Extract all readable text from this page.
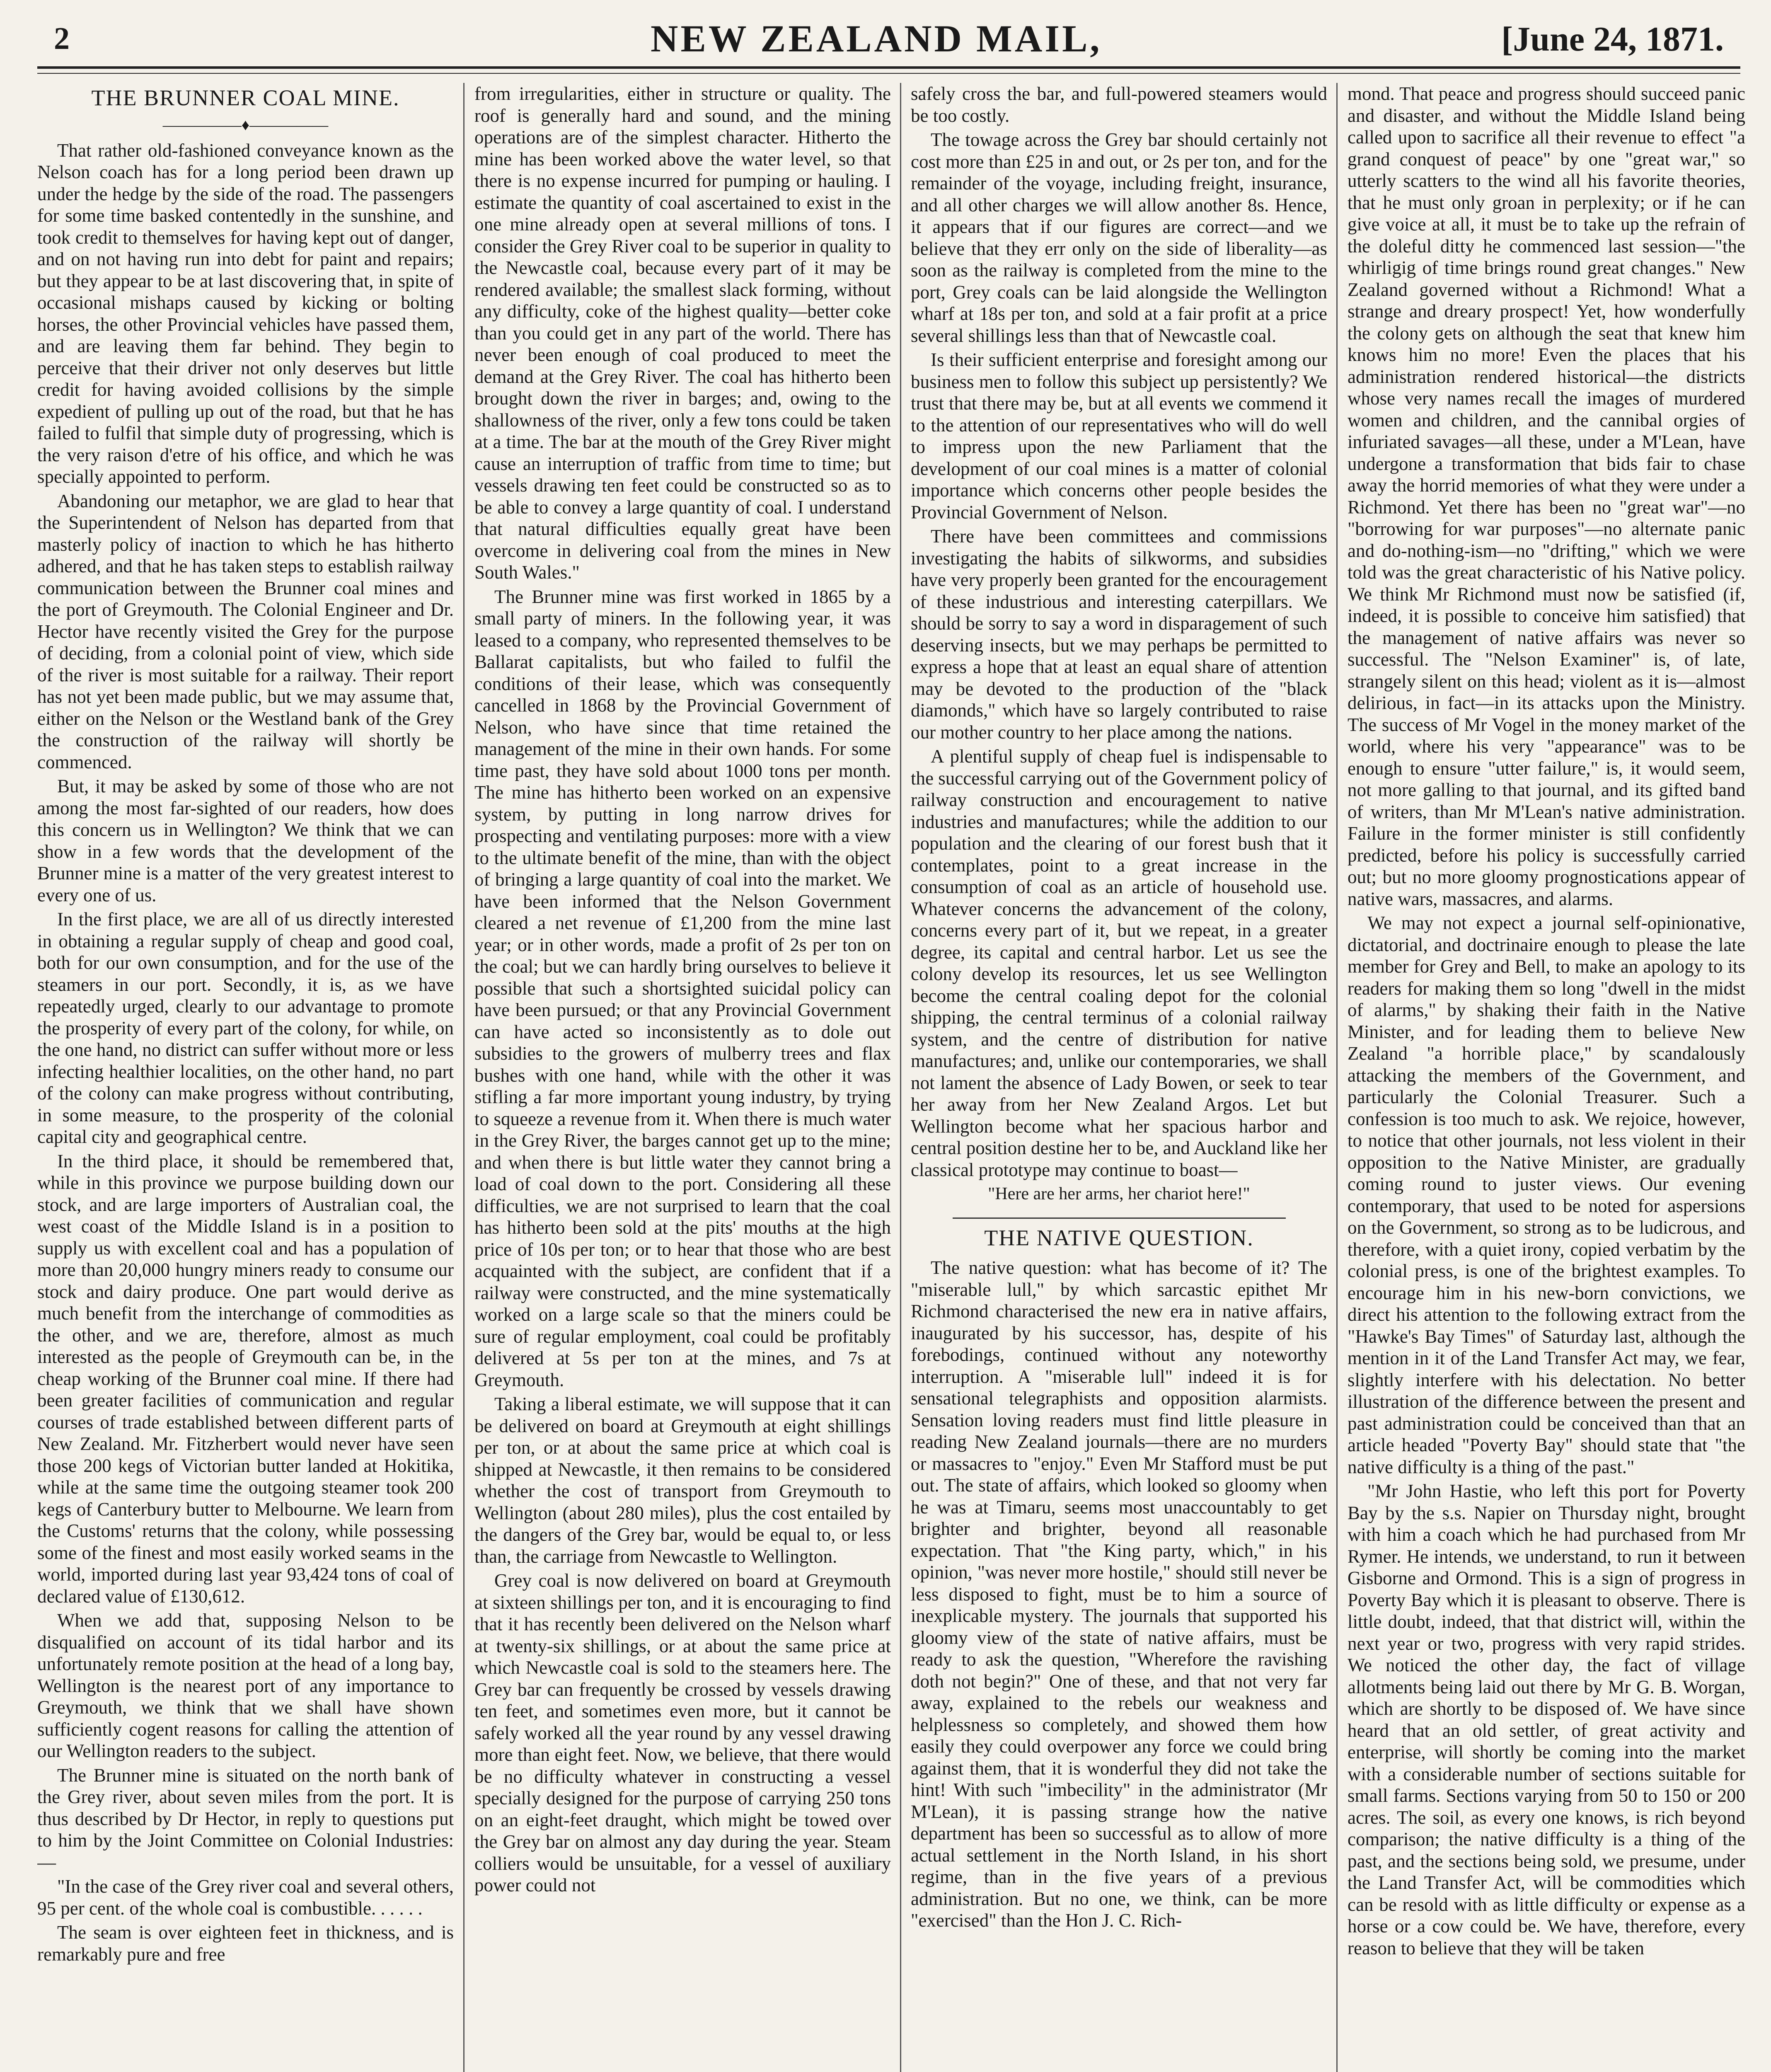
2	NEW ZEALAND MAIL,	[June 24, 1871.
THE BRUNNER COAL MINE.
―――――♦―――――

That rather old-fashioned conveyance known as the Nelson coach has for a long period been drawn up under the hedge by the side of the road. The passengers for some time basked contentedly in the sunshine, and took credit to themselves for having kept out of danger, and on not having run into debt for paint and repairs; but they appear to be at last discovering that, in spite of occasional mishaps caused by kicking or bolting horses, the other Provincial vehicles have passed them, and are leaving them far behind. They begin to perceive that their driver not only deserves but little credit for having avoided collisions by the simple expedient of pulling up out of the road, but that he has failed to fulfil that simple duty of progressing, which is the very raison d'etre of his office, and which he was specially appointed to perform.

Abandoning our metaphor, we are glad to hear that the Superintendent of Nelson has departed from that masterly policy of inaction to which he has hitherto adhered, and that he has taken steps to establish railway communication between the Brunner coal mines and the port of Greymouth. The Colonial Engineer and Dr. Hector have recently visited the Grey for the purpose of deciding, from a colonial point of view, which side of the river is most suitable for a railway. Their report has not yet been made public, but we may assume that, either on the Nelson or the Westland bank of the Grey the construction of the railway will shortly be commenced.

But, it may be asked by some of those who are not among the most far-sighted of our readers, how does this concern us in Wellington? We think that we can show in a few words that the development of the Brunner mine is a matter of the very greatest interest to every one of us.

In the first place, we are all of us directly interested in obtaining a regular supply of cheap and good coal, both for our own consumption, and for the use of the steamers in our port. Secondly, it is, as we have repeatedly urged, clearly to our advantage to promote the prosperity of every part of the colony, for while, on the one hand, no district can suffer without more or less infecting healthier localities, on the other hand, no part of the colony can make progress without contributing, in some measure, to the prosperity of the colonial capital city and geographical centre.

In the third place, it should be remembered that, while in this province we purpose building down our stock, and are large importers of Australian coal, the west coast of the Middle Island is in a position to supply us with excellent coal and has a population of more than 20,000 hungry miners ready to consume our stock and dairy produce. One part would derive as much benefit from the interchange of commodities as the other, and we are, therefore, almost as much interested as the people of Greymouth can be, in the cheap working of the Brunner coal mine. If there had been greater facilities of communication and regular courses of trade established between different parts of New Zealand. Mr. Fitzherbert would never have seen those 200 kegs of Victorian butter landed at Hokitika, while at the same time the outgoing steamer took 200 kegs of Canterbury butter to Melbourne. We learn from the Customs' returns that the colony, while possessing some of the finest and most easily worked seams in the world, imported during last year 93,424 tons of coal of declared value of £130,612.

When we add that, supposing Nelson to be disqualified on account of its tidal harbor and its unfortunately remote position at the head of a long bay, Wellington is the nearest port of any importance to Greymouth, we think that we shall have shown sufficiently cogent reasons for calling the attention of our Wellington readers to the subject.

The Brunner mine is situated on the north bank of the Grey river, about seven miles from the port. It is thus described by Dr Hector, in reply to questions put to him by the Joint Committee on Colonial Industries:—

"In the case of the Grey river coal and several others, 95 per cent. of the whole coal is combustible. . . . . .

The seam is over eighteen feet in thickness, and is remarkably pure and free

from irregularities, either in structure or quality. The roof is generally hard and sound, and the mining operations are of the simplest character. Hitherto the mine has been worked above the water level, so that there is no expense incurred for pumping or hauling. I estimate the quantity of coal ascertained to exist in the one mine already open at several millions of tons. I consider the Grey River coal to be superior in quality to the Newcastle coal, because every part of it may be rendered available; the smallest slack forming, without any difficulty, coke of the highest quality—better coke than you could get in any part of the world. There has never been enough of coal produced to meet the demand at the Grey River. The coal has hitherto been brought down the river in barges; and, owing to the shallowness of the river, only a few tons could be taken at a time. The bar at the mouth of the Grey River might cause an interruption of traffic from time to time; but vessels drawing ten feet could be constructed so as to be able to convey a large quantity of coal. I understand that natural difficulties equally great have been overcome in delivering coal from the mines in New South Wales."

The Brunner mine was first worked in 1865 by a small party of miners. In the following year, it was leased to a company, who represented themselves to be Ballarat capitalists, but who failed to fulfil the conditions of their lease, which was consequently cancelled in 1868 by the Provincial Government of Nelson, who have since that time retained the management of the mine in their own hands. For some time past, they have sold about 1000 tons per month. The mine has hitherto been worked on an expensive system, by putting in long narrow drives for prospecting and ventilating purposes: more with a view to the ultimate benefit of the mine, than with the object of bringing a large quantity of coal into the market. We have been informed that the Nelson Government cleared a net revenue of £1,200 from the mine last year; or in other words, made a profit of 2s per ton on the coal; but we can hardly bring ourselves to believe it possible that such a shortsighted suicidal policy can have been pursued; or that any Provincial Government can have acted so inconsistently as to dole out subsidies to the growers of mulberry trees and flax bushes with one hand, while with the other it was stifling a far more important young industry, by trying to squeeze a revenue from it. When there is much water in the Grey River, the barges cannot get up to the mine; and when there is but little water they cannot bring a load of coal down to the port. Considering all these difficulties, we are not surprised to learn that the coal has hitherto been sold at the pits' mouths at the high price of 10s per ton; or to hear that those who are best acquainted with the subject, are confident that if a railway were constructed, and the mine systematically worked on a large scale so that the miners could be sure of regular employment, coal could be profitably delivered at 5s per ton at the mines, and 7s at Greymouth.

Taking a liberal estimate, we will suppose that it can be delivered on board at Greymouth at eight shillings per ton, or at about the same price at which coal is shipped at Newcastle, it then remains to be considered whether the cost of transport from Greymouth to Wellington (about 280 miles), plus the cost entailed by the dangers of the Grey bar, would be equal to, or less than, the carriage from Newcastle to Wellington.

Grey coal is now delivered on board at Greymouth at sixteen shillings per ton, and it is encouraging to find that it has recently been delivered on the Nelson wharf at twenty-six shillings, or at about the same price at which Newcastle coal is sold to the steamers here. The Grey bar can frequently be crossed by vessels drawing ten feet, and sometimes even more, but it cannot be safely worked all the year round by any vessel drawing more than eight feet. Now, we believe, that there would be no difficulty whatever in constructing a vessel specially designed for the purpose of carrying 250 tons on an eight-feet draught, which might be towed over the Grey bar on almost any day during the year. Steam colliers would be unsuitable, for a vessel of auxiliary power could not

safely cross the bar, and full-powered steamers would be too costly.

The towage across the Grey bar should certainly not cost more than £25 in and out, or 2s per ton, and for the remainder of the voyage, including freight, insurance, and all other charges we will allow another 8s. Hence, it appears that if our figures are correct—and we believe that they err only on the side of liberality—as soon as the railway is completed from the mine to the port, Grey coals can be laid alongside the Wellington wharf at 18s per ton, and sold at a fair profit at a price several shillings less than that of Newcastle coal.

Is their sufficient enterprise and foresight among our business men to follow this subject up persistently? We trust that there may be, but at all events we commend it to the attention of our representatives who will do well to impress upon the new Parliament that the development of our coal mines is a matter of colonial importance which concerns other people besides the Provincial Government of Nelson.

There have been committees and commissions investigating the habits of silkworms, and subsidies have very properly been granted for the encouragement of these industrious and interesting caterpillars. We should be sorry to say a word in disparagement of such deserving insects, but we may perhaps be permitted to express a hope that at least an equal share of attention may be devoted to the production of the "black diamonds," which have so largely contributed to raise our mother country to her place among the nations.

A plentiful supply of cheap fuel is indispensable to the successful carrying out of the Government policy of railway construction and encouragement to native industries and manufactures; while the addition to our population and the clearing of our forest bush that it contemplates, point to a great increase in the consumption of coal as an article of household use. Whatever concerns the advancement of the colony, concerns every part of it, but we repeat, in a greater degree, its capital and central harbor. Let us see the colony develop its resources, let us see Wellington become the central coaling depot for the colonial shipping, the central terminus of a colonial railway system, and the centre of distribution for native manufactures; and, unlike our contemporaries, we shall not lament the absence of Lady Bowen, or seek to tear her away from her New Zealand Argos. Let but Wellington become what her spacious harbor and central position destine her to be, and Auckland like her classical prototype may continue to boast—

"Here are her arms, her chariot here!"

THE NATIVE QUESTION.

The native question: what has become of it? The "miserable lull," by which sarcastic epithet Mr Richmond characterised the new era in native affairs, inaugurated by his successor, has, despite of his forebodings, continued without any noteworthy interruption. A "miserable lull" indeed it is for sensational telegraphists and opposition alarmists. Sensation loving readers must find little pleasure in reading New Zealand journals—there are no murders or massacres to "enjoy." Even Mr Stafford must be put out. The state of affairs, which looked so gloomy when he was at Timaru, seems most unaccountably to get brighter and brighter, beyond all reasonable expectation. That "the King party, which," in his opinion, "was never more hostile," should still never be less disposed to fight, must be to him a source of inexplicable mystery. The journals that supported his gloomy view of the state of native affairs, must be ready to ask the question, "Wherefore the ravishing doth not begin?" One of these, and that not very far away, explained to the rebels our weakness and helplessness so completely, and showed them how easily they could overpower any force we could bring against them, that it is wonderful they did not take the hint! With such "imbecility" in the administrator (Mr M'Lean), it is passing strange how the native department has been so successful as to allow of more actual settlement in the North Island, in his short regime, than in the five years of a previous administration. But no one, we think, can be more "exercised" than the Hon J. C. Rich-

mond. That peace and progress should succeed panic and disaster, and without the Middle Island being called upon to sacrifice all their revenue to effect "a grand conquest of peace" by one "great war," so utterly scatters to the wind all his favorite theories, that he must only groan in perplexity; or if he can give voice at all, it must be to take up the refrain of the doleful ditty he commenced last session—"the whirligig of time brings round great changes." New Zealand governed without a Richmond! What a strange and dreary prospect! Yet, how wonderfully the colony gets on although the seat that knew him knows him no more! Even the places that his administration rendered historical—the districts whose very names recall the images of murdered women and children, and the cannibal orgies of infuriated savages—all these, under a M'Lean, have undergone a transformation that bids fair to chase away the horrid memories of what they were under a Richmond. Yet there has been no "great war"—no "borrowing for war purposes"—no alternate panic and do-nothing-ism—no "drifting," which we were told was the great characteristic of his Native policy. We think Mr Richmond must now be satisfied (if, indeed, it is possible to conceive him satisfied) that the management of native affairs was never so successful. The "Nelson Examiner" is, of late, strangely silent on this head; violent as it is—almost delirious, in fact—in its attacks upon the Ministry. The success of Mr Vogel in the money market of the world, where his very "appearance" was to be enough to ensure "utter failure," is, it would seem, not more galling to that journal, and its gifted band of writers, than Mr M'Lean's native administration. Failure in the former minister is still confidently predicted, before his policy is successfully carried out; but no more gloomy prognostications appear of native wars, massacres, and alarms.

We may not expect a journal self-opinionative, dictatorial, and doctrinaire enough to please the late member for Grey and Bell, to make an apology to its readers for making them so long "dwell in the midst of alarms," by shaking their faith in the Native Minister, and for leading them to believe New Zealand "a horrible place," by scandalously attacking the members of the Government, and particularly the Colonial Treasurer. Such a confession is too much to ask. We rejoice, however, to notice that other journals, not less violent in their opposition to the Native Minister, are gradually coming round to juster views. Our evening contemporary, that used to be noted for aspersions on the Government, so strong as to be ludicrous, and therefore, with a quiet irony, copied verbatim by the colonial press, is one of the brightest examples. To encourage him in his new-born convictions, we direct his attention to the following extract from the "Hawke's Bay Times" of Saturday last, although the mention in it of the Land Transfer Act may, we fear, slightly interfere with his delectation. No better illustration of the difference between the present and past administration could be conceived than that an article headed "Poverty Bay" should state that "the native difficulty is a thing of the past."

"Mr John Hastie, who left this port for Poverty Bay by the s.s. Napier on Thursday night, brought with him a coach which he had purchased from Mr Rymer. He intends, we understand, to run it between Gisborne and Ormond. This is a sign of progress in Poverty Bay which it is pleasant to observe. There is little doubt, indeed, that that district will, within the next year or two, progress with very rapid strides. We noticed the other day, the fact of village allotments being laid out there by Mr G. B. Worgan, which are shortly to be disposed of. We have since heard that an old settler, of great activity and enterprise, will shortly be coming into the market with a considerable number of sections suitable for small farms. Sections varying from 50 to 150 or 200 acres. The soil, as every one knows, is rich beyond comparison; the native difficulty is a thing of the past, and the sections being sold, we presume, under the Land Transfer Act, will be commodities which can be resold with as little difficulty or expense as a horse or a cow could be. We have, therefore, every reason to believe that they will be taken
